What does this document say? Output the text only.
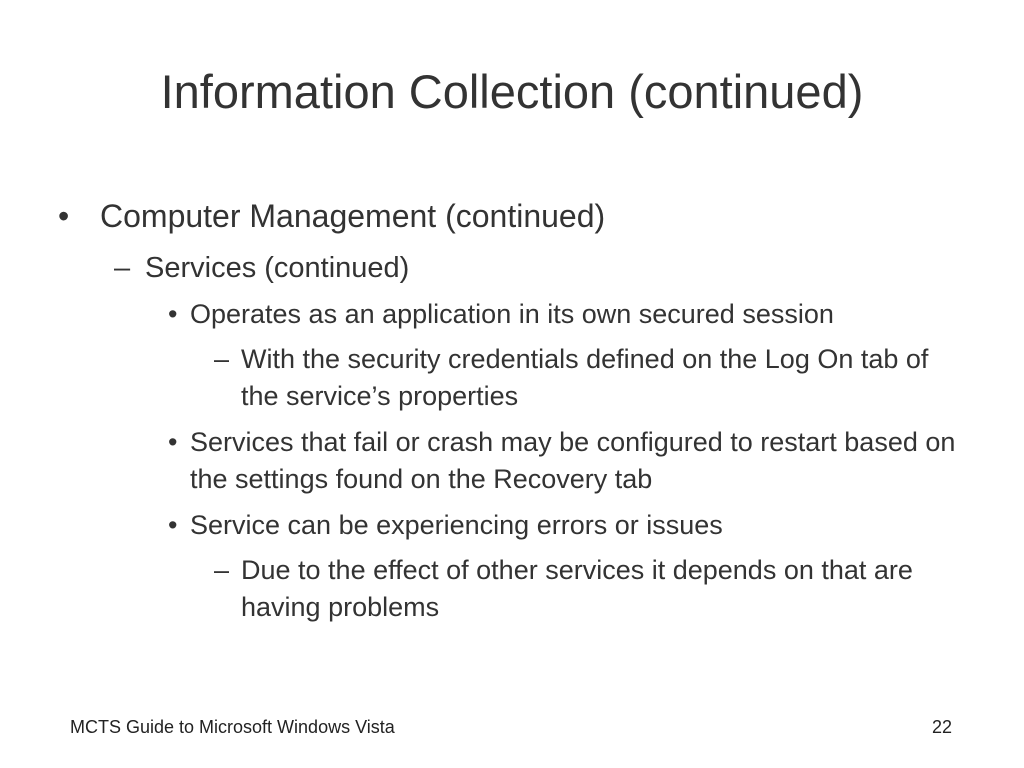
Information Collection (continued)
• Computer Management (continued)
– Services (continued)
• Operates as an application in its own secured session
– With the security credentials defined on the Log On tab of the service’s properties
• Services that fail or crash may be configured to restart based on the settings found on the Recovery tab
• Service can be experiencing errors or issues
– Due to the effect of other services it depends on that are having problems
MCTS Guide to Microsoft Windows Vista	22
